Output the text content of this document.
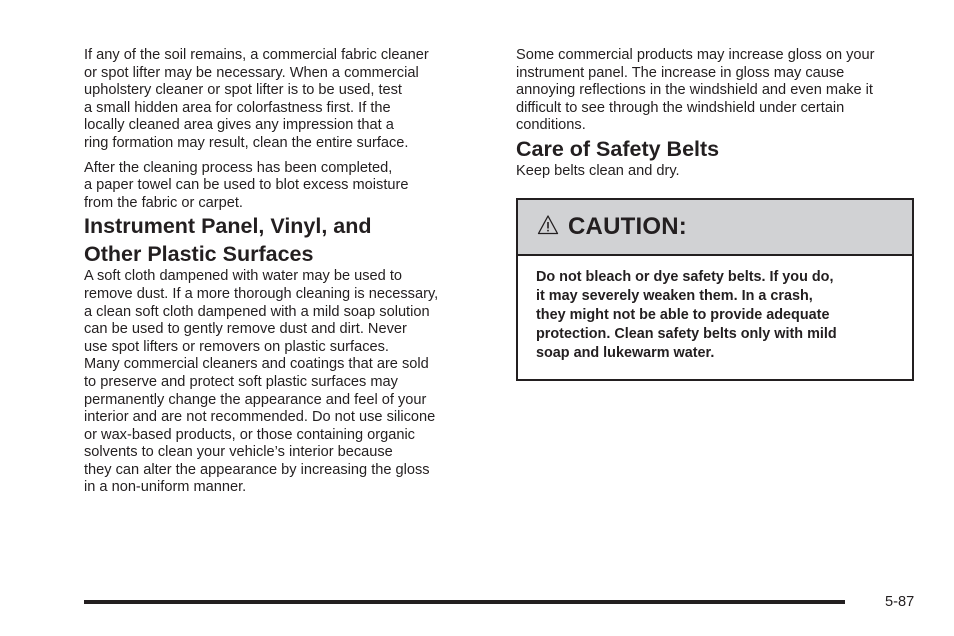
If any of the soil remains, a commercial fabric cleaner
or spot lifter may be necessary. When a commercial
upholstery cleaner or spot lifter is to be used, test
a small hidden area for colorfastness first. If the
locally cleaned area gives any impression that a
ring formation may result, clean the entire surface.

After the cleaning process has been completed,
a paper towel can be used to blot excess moisture
from the fabric or carpet.

Instrument Panel, Vinyl, and
Other Plastic Surfaces

A soft cloth dampened with water may be used to
remove dust. If a more thorough cleaning is necessary,
a clean soft cloth dampened with a mild soap solution
can be used to gently remove dust and dirt. Never
use spot lifters or removers on plastic surfaces.
Many commercial cleaners and coatings that are sold
to preserve and protect soft plastic surfaces may
permanently change the appearance and feel of your
interior and are not recommended. Do not use silicone
or wax-based products, or those containing organic
solvents to clean your vehicle’s interior because
they can alter the appearance by increasing the gloss
in a non-uniform manner.

Some commercial products may increase gloss on your
instrument panel. The increase in gloss may cause
annoying reflections in the windshield and even make it
difficult to see through the windshield under certain
conditions.

Care of Safety Belts

Keep belts clean and dry.

CAUTION:
Do not bleach or dye safety belts. If you do,
it may severely weaken them. In a crash,
they might not be able to provide adequate
protection. Clean safety belts only with mild
soap and lukewarm water.
5-87
